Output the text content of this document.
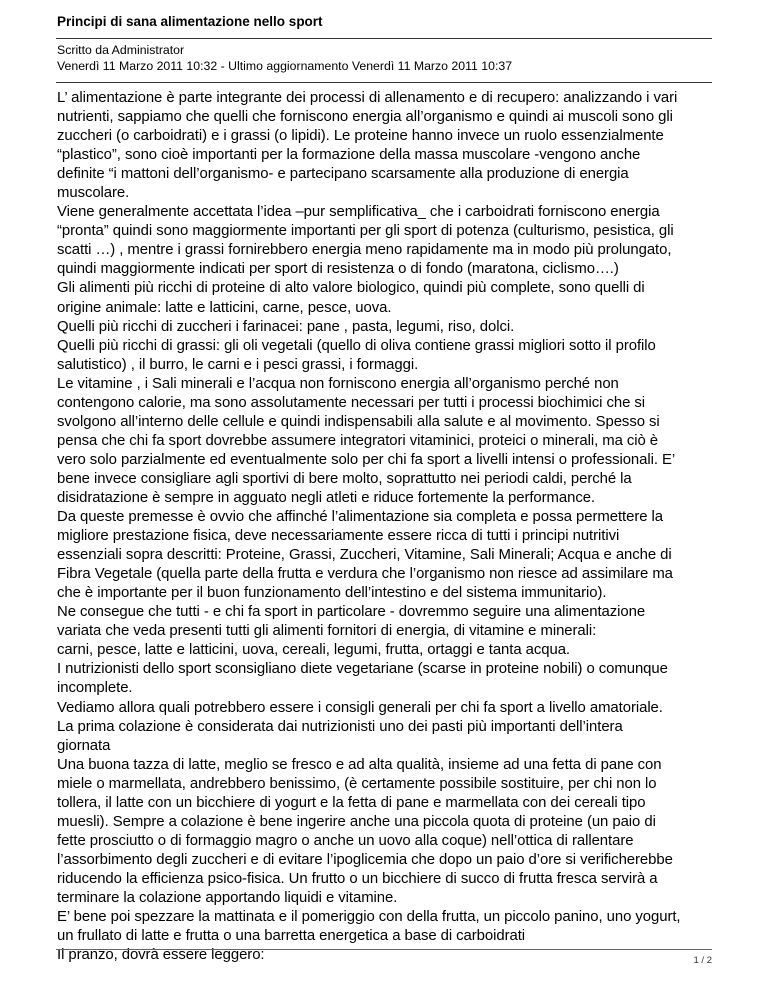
Principi di sana alimentazione nello sport
Scritto da Administrator
Venerdì 11 Marzo 2011 10:32 - Ultimo aggiornamento Venerdì 11 Marzo 2011 10:37
L’ alimentazione è parte integrante dei processi di allenamento e di recupero: analizzando i vari
nutrienti, sappiamo che quelli che forniscono energia all’organismo e quindi ai muscoli sono gli
zuccheri (o carboidrati) e i grassi (o lipidi). Le proteine hanno invece un ruolo essenzialmente
“plastico”, sono cioè importanti per la formazione della massa muscolare -vengono anche
definite “i mattoni dell’organismo- e partecipano scarsamente alla produzione di energia
muscolare.
Viene generalmente accettata l’idea –pur semplificativa_ che i carboidrati forniscono energia
“pronta” quindi sono maggiormente importanti per gli sport di potenza (culturismo, pesistica, gli
scatti …) , mentre i grassi fornirebbero energia meno rapidamente ma in modo più prolungato,
quindi maggiormente indicati per sport di resistenza o di fondo (maratona, ciclismo….)
Gli alimenti più ricchi di proteine di alto valore biologico, quindi più complete, sono quelli di
origine animale: latte e latticini, carne, pesce, uova.
Quelli più ricchi di zuccheri i farinacei: pane , pasta, legumi, riso, dolci.
Quelli più ricchi di grassi: gli oli vegetali (quello di oliva contiene grassi migliori sotto il profilo
salutistico) , il burro, le carni e i pesci grassi, i formaggi.
Le vitamine , i Sali minerali e l’acqua non forniscono energia all’organismo perché non
contengono calorie, ma sono assolutamente necessari per tutti i processi biochimici che si
svolgono all’interno delle cellule e quindi indispensabili alla salute e al movimento. Spesso si
pensa che chi fa sport dovrebbe assumere integratori vitaminici, proteici o minerali, ma ciò è
vero solo parzialmente ed eventualmente solo per chi fa sport a livelli intensi o professionali. E’
bene invece consigliare agli sportivi di bere molto, soprattutto nei periodi caldi, perché la
disidratazione è sempre in agguato negli atleti e riduce fortemente la performance.
Da queste premesse è ovvio che affinché l’alimentazione sia completa e possa permettere la
migliore prestazione fisica, deve necessariamente essere ricca di tutti i principi nutritivi
essenziali sopra descritti: Proteine, Grassi, Zuccheri, Vitamine, Sali Minerali; Acqua e anche di
Fibra Vegetale (quella parte della frutta e verdura che l’organismo non riesce ad assimilare ma
che è importante per il buon funzionamento dell’intestino e del sistema immunitario).
Ne consegue che tutti - e chi fa sport in particolare - dovremmo seguire una alimentazione
variata che veda presenti tutti gli alimenti fornitori di energia, di vitamine e minerali:
carni, pesce, latte e latticini, uova, cereali, legumi, frutta, ortaggi e tanta acqua.
I nutrizionisti dello sport sconsigliano diete vegetariane (scarse in proteine nobili) o comunque
incomplete.
Vediamo allora quali potrebbero essere i consigli generali per chi fa sport a livello amatoriale.
La prima colazione è considerata dai nutrizionisti uno dei pasti più importanti dell’intera
giornata
Una buona tazza di latte, meglio se fresco e ad alta qualità, insieme ad una fetta di pane con
miele o marmellata, andrebbero benissimo, (è certamente possibile sostituire, per chi non lo
tollera, il latte con un bicchiere di yogurt e la fetta di pane e marmellata con dei cereali tipo
muesli). Sempre a colazione è bene ingerire anche una piccola quota di proteine (un paio di
fette prosciutto o di formaggio magro o anche un uovo alla coque) nell’ottica di rallentare
l’assorbimento degli zuccheri e di evitare l’ipoglicemia che dopo un paio d’ore si verificherebbe
riducendo la efficienza psico-fisica. Un frutto o un bicchiere di succo di frutta fresca servirà a
terminare la colazione apportando liquidi e vitamine.
E’ bene poi spezzare la mattinata e il pomeriggio con della frutta, un piccolo panino, uno yogurt,
un frullato di latte e frutta o una barretta energetica a base di carboidrati
Il pranzo, dovrà essere leggero:	1 / 2
